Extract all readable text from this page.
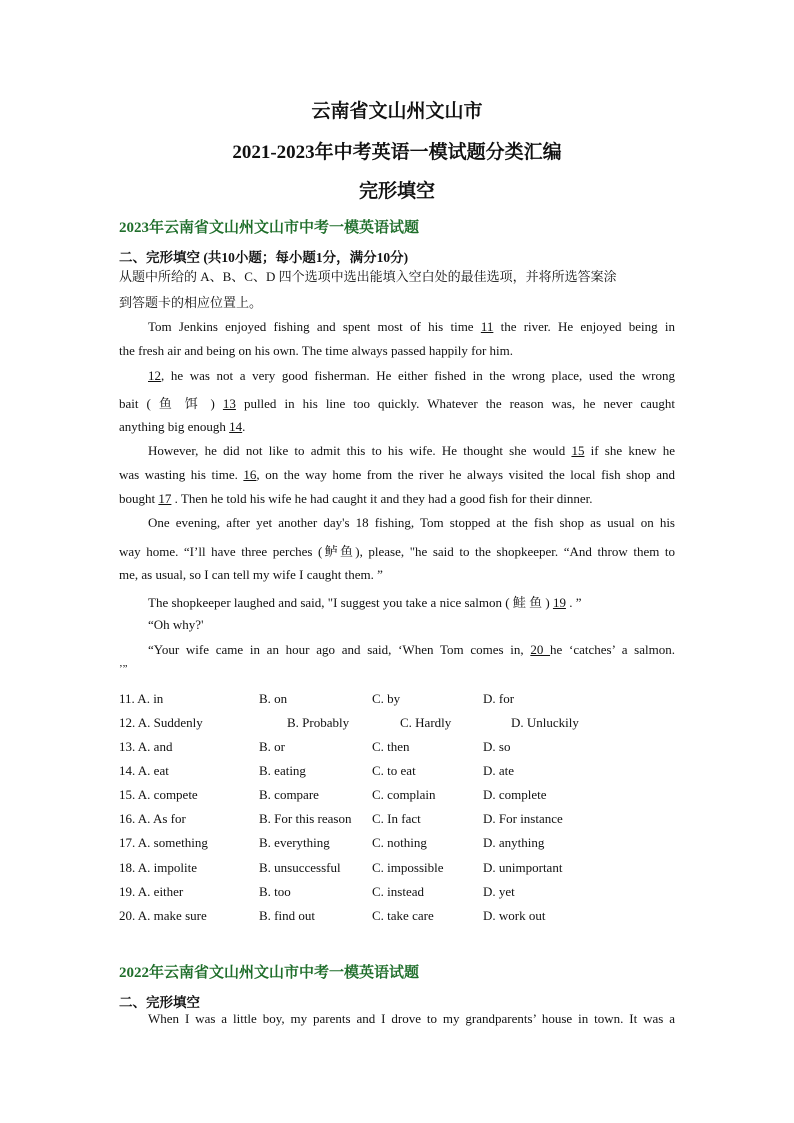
云南省文山州文山市
2021-2023年中考英语一模试题分类汇编
完形填空
2023年云南省文山州文山市中考一模英语试题
二、完形填空 (共10小题；每小题1分，满分10分)
从题中所给的 A、B、C、D 四个选项中选出能填入空白处的最佳选项，并将所选答案涂
到答题卡的相应位置上。
Tom Jenkins enjoyed fishing and spent most of his time 11 the river. He enjoyed being in
the fresh air and being on his own. The time always passed happily for him.
12, he was not a very good fisherman. He either fished in the wrong place, used the wrong
bait ( 鱼 饵 ) 13 pulled in his line too quickly. Whatever the reason was, he never caught
anything big enough 14.
However, he did not like to admit this to his wife. He thought she would 15 if she knew he
was wasting his time. 16, on the way home from the river he always visited the local fish shop and
bought 17 . Then he told his wife he had caught it and they had a good fish for their dinner.
One evening, after yet another day's 18 fishing, Tom stopped at the fish shop as usual on his
way home. “I’ll have three perches (鲈鱼), please, "he said to the shopkeeper. “And throw them to
me, as usual, so I can tell my wife I caught them. ”
The shopkeeper laughed and said, "I suggest you take a nice salmon ( 鲑 鱼 ) 19 . ”
“Oh why?'
“Your wife came in an hour ago and said, ‘When Tom comes in, 20 he ‘catches’ a salmon.
’”
11. A. in	B. on	C. by	D. for
12. A. Suddenly	B. Probably	C. Hardly	D. Unluckily
13. A. and	B. or	C. then	D. so
14. A. eat	B. eating	C. to eat	D. ate
15. A. compete	B. compare	C. complain	D. complete
16. A. As for	B. For this reason C. In fact	D. For instance
17. A. something	B. everything	C. nothing	D. anything
18. A. impolite	B. unsuccessful C. impossible	D. unimportant
19. A. either	B. too	C. instead	D. yet
20. A. make sure	B. find out	C. take care	D. work out
2022年云南省文山州文山市中考一模英语试题
二、完形填空
When I was a little boy, my parents and I drove to my grandparents’ house in town. It was a
